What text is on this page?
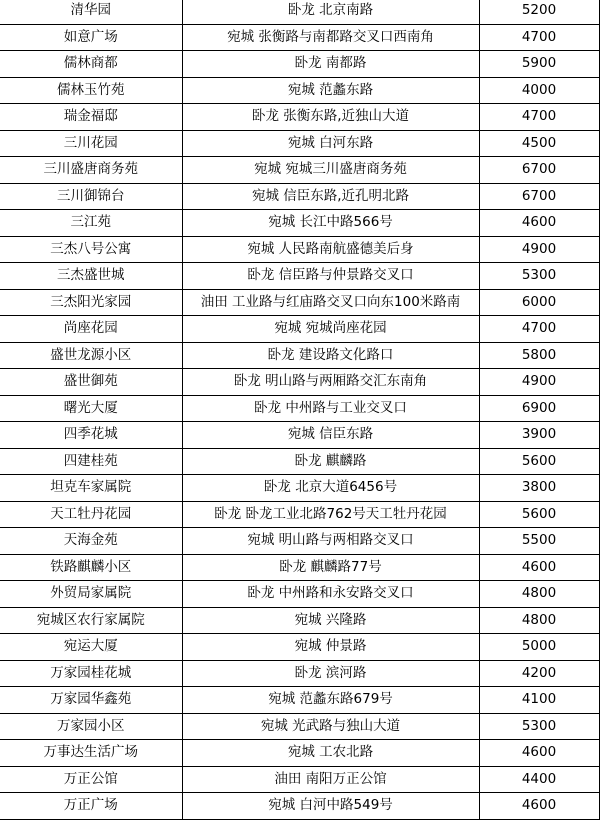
清华园	卧龙 北京南路	5200
如意广场	宛城 张衡路与南都路交叉口西南角	4700
儒林商都	卧龙 南都路	5900
儒林玉竹苑	宛城 范蠡东路	4000
瑞金福邸	卧龙 张衡东路,近独山大道	4700
三川花园	宛城 白河东路	4500
三川盛唐商务苑	宛城 宛城三川盛唐商务苑	6700
三川御锦台	宛城 信臣东路,近孔明北路	6700
三江苑	宛城 长江中路566号	4600
三杰八号公寓	宛城 人民路南航盛德美后身	4900
三杰盛世城	卧龙 信臣路与仲景路交叉口	5300
三杰阳光家园	油田 工业路与红庙路交叉口向东100米路南	6000
尚座花园	宛城 宛城尚座花园	4700
盛世龙源小区	卧龙 建设路文化路口	5800
盛世御苑	卧龙 明山路与两厢路交汇东南角	4900
曙光大厦	卧龙 中州路与工业交叉口	6900
四季花城	宛城 信臣东路	3900
四建桂苑	卧龙 麒麟路	5600
坦克车家属院	卧龙 北京大道6456号	3800
天工牡丹花园	卧龙 卧龙工业北路762号天工牡丹花园	5600
天海金苑	宛城 明山路与两相路交叉口	5500
铁路麒麟小区	卧龙 麒麟路77号	4600
外贸局家属院	卧龙 中州路和永安路交叉口	4800
宛城区农行家属院	宛城 兴隆路	4800
宛运大厦	宛城 仲景路	5000
万家园桂花城	卧龙 滨河路	4200
万家园华鑫苑	宛城 范蠡东路679号	4100
万家园小区	宛城 光武路与独山大道	5300
万事达生活广场	宛城 工农北路	4600
万正公馆	油田 南阳万正公馆	4400
万正广场	宛城 白河中路549号	4600
